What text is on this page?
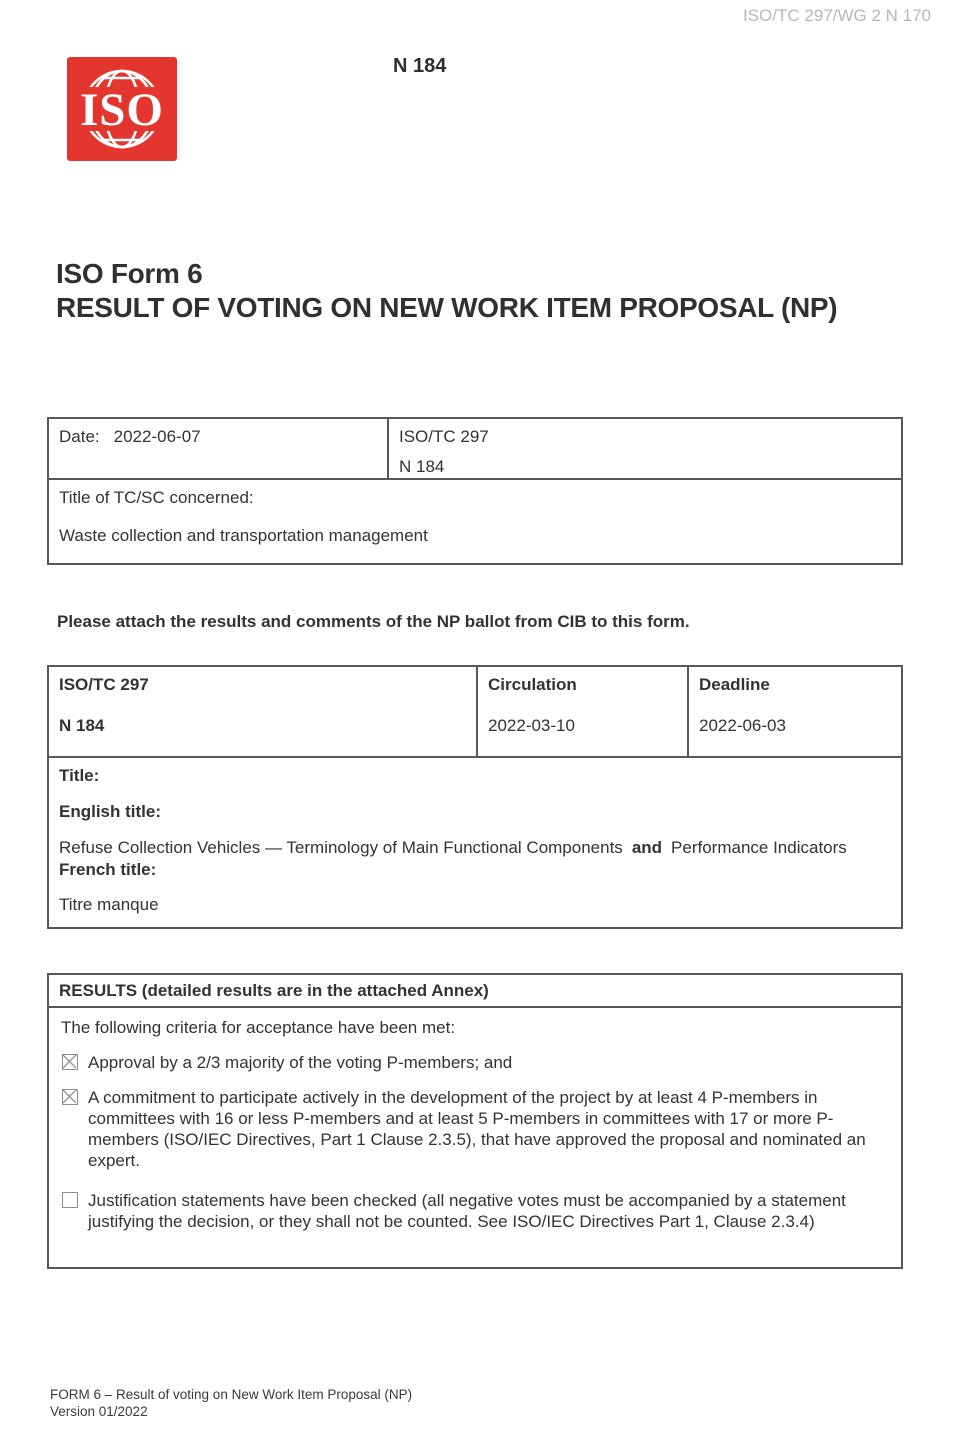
ISO/TC 297/WG 2 N 170
ISO
N 184
ISO Form 6
RESULT OF VOTING ON NEW WORK ITEM PROPOSAL (NP)
Date: 2022-06-07	ISO/TC 297
N 184
Title of TC/SC concerned:
Waste collection and transportation management
Please attach the results and comments of the NP ballot from CIB to this form.
ISO/TC 297
N 184
Circulation
2022-03-10
Deadline
2022-06-03

Title:

English title:

Refuse Collection Vehicles — Terminology of Main Functional Components and Performance Indicators

French title:

Titre manque

RESULTS (detailed results are in the attached Annex)
The following criteria for acceptance have been met:
Approval by a 2/3 majority of the voting P-members; and
A commitment to participate actively in the development of the project by at least 4 P-members in committees with 16 or less P-members and at least 5 P-members in committees with 17 or more P-members (ISO/IEC Directives, Part 1 Clause 2.3.5), that have approved the proposal and nominated an expert.
Justification statements have been checked (all negative votes must be accompanied by a statement justifying the decision, or they shall not be counted. See ISO/IEC Directives Part 1, Clause 2.3.4)
FORM 6 – Result of voting on New Work Item Proposal (NP)
Version 01/2022
